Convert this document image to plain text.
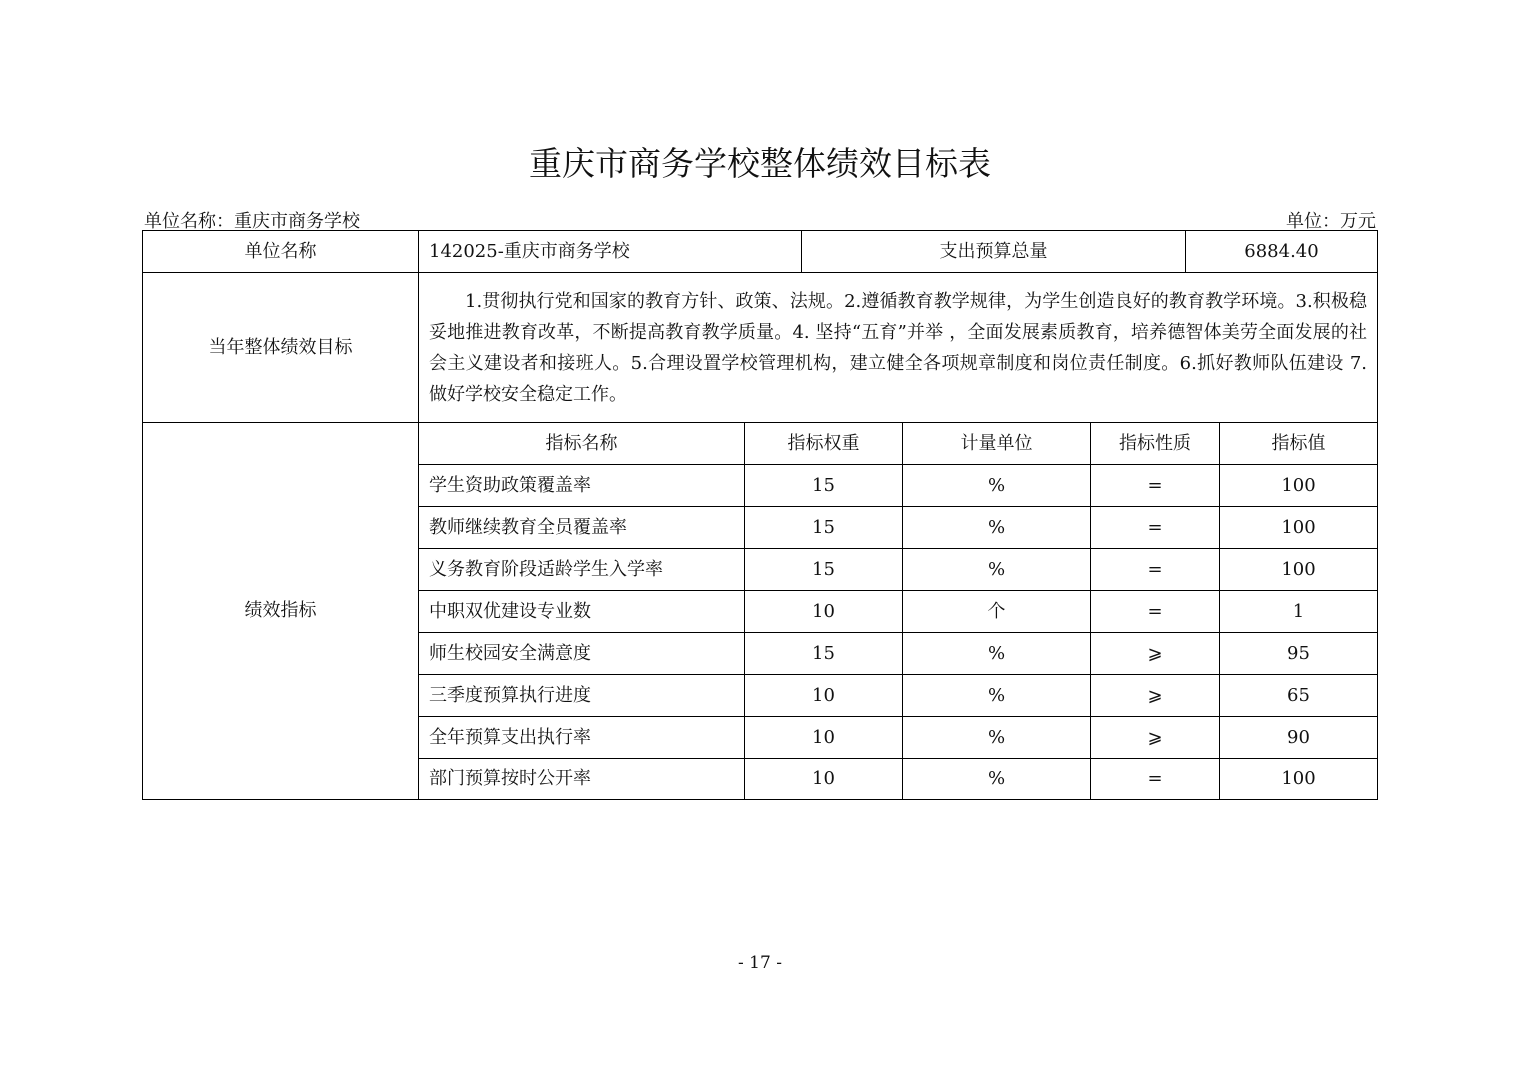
重庆市商务学校整体绩效目标表
单位名称：重庆市商务学校	单位：万元
单位名称	142025-重庆市商务学校	支出预算总量	6884.40
当年整体绩效目标
1.贯彻执行党和国家的教育方针、政策、法规。2.遵循教育教学规律，为学生创造良好的教育教学环境。3.积极稳妥地推进教育改革，不断提高教育教学质量。4. 坚持“五育”并举 ，全面发展素质教育，培养德智体美劳全面发展的社会主义建设者和接班人。5.合理设置学校管理机构，建立健全各项规章制度和岗位责任制度。6.抓好教师队伍建设 7.做好学校安全稳定工作。
绩效指标
指标名称	指标权重	计量单位	指标性质	指标值
学生资助政策覆盖率	15	%	=	100
教师继续教育全员覆盖率	15	%	=	100
义务教育阶段适龄学生入学率	15	%	=	100
中职双优建设专业数	10	个	=	1
师生校园安全满意度	15	%	⩾	95
三季度预算执行进度	10	%	⩾	65
全年预算支出执行率	10	%	⩾	90
部门预算按时公开率	10	%	=	100
- 17 -
